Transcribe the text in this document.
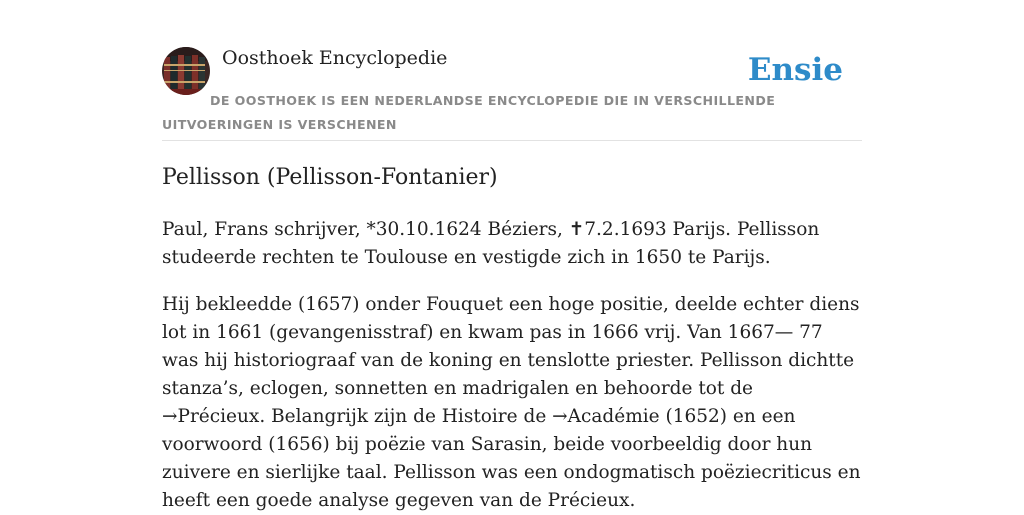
Oosthoek Encyclopedie	Ensie
DE OOSTHOEK IS EEN NEDERLANDSE ENCYCLOPEDIE DIE IN VERSCHILLENDE UITVOERINGEN IS VERSCHENEN
Pellisson (Pellisson-Fontanier)

Paul, Frans schrijver, *30.10.1624 Béziers, ✝7.2.1693 Parijs. Pellisson studeerde rechten te Toulouse en vestigde zich in 1650 te Parijs.

Hij bekleedde (1657) onder Fouquet een hoge positie, deelde echter diens lot in 1661 (gevangenisstraf) en kwam pas in 1666 vrij. Van 1667— 77 was hij historiograaf van de koning en tenslotte priester. Pellisson dichtte stanza’s, eclogen, sonnetten en madrigalen en behoorde tot de →Précieux. Belangrijk zijn de Histoire de →Académie (1652) en een voorwoord (1656) bij poëzie van Sarasin, beide voorbeeldig door hun zuivere en sierlijke taal. Pellisson was een ondogmatisch poëziecriticus en heeft een goede analyse gegeven van de Précieux.
